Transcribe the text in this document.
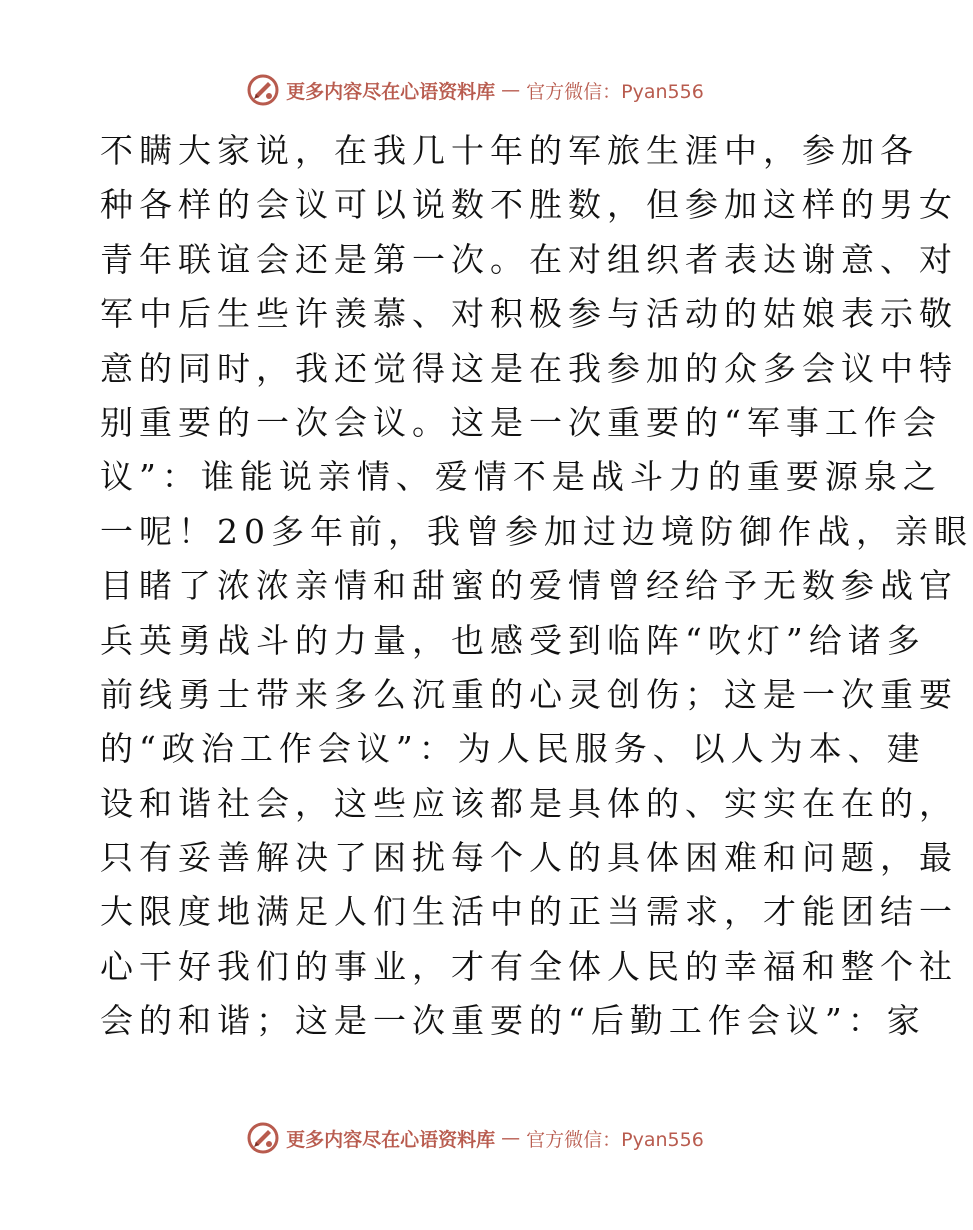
更多内容尽在心语资料库 — 官方微信：Pyan556
不瞒大家说，在我几十年的军旅生涯中，参加各
种各样的会议可以说数不胜数，但参加这样的男女
青年联谊会还是第一次。在对组织者表达谢意、对
军中后生些许羡慕、对积极参与活动的姑娘表示敬
意的同时，我还觉得这是在我参加的众多会议中特
别重要的一次会议。这是一次重要的“军事工作会
议”：谁能说亲情、爱情不是战斗力的重要源泉之
一呢！20多年前，我曾参加过边境防御作战，亲眼
目睹了浓浓亲情和甜蜜的爱情曾经给予无数参战官
兵英勇战斗的力量，也感受到临阵“吹灯”给诸多
前线勇士带来多么沉重的心灵创伤；这是一次重要
的“政治工作会议”：为人民服务、以人为本、建
设和谐社会，这些应该都是具体的、实实在在的，
只有妥善解决了困扰每个人的具体困难和问题，最
大限度地满足人们生活中的正当需求，才能团结一
心干好我们的事业，才有全体人民的幸福和整个社
会的和谐；这是一次重要的“后勤工作会议”：家
更多内容尽在心语资料库 — 官方微信：Pyan556
